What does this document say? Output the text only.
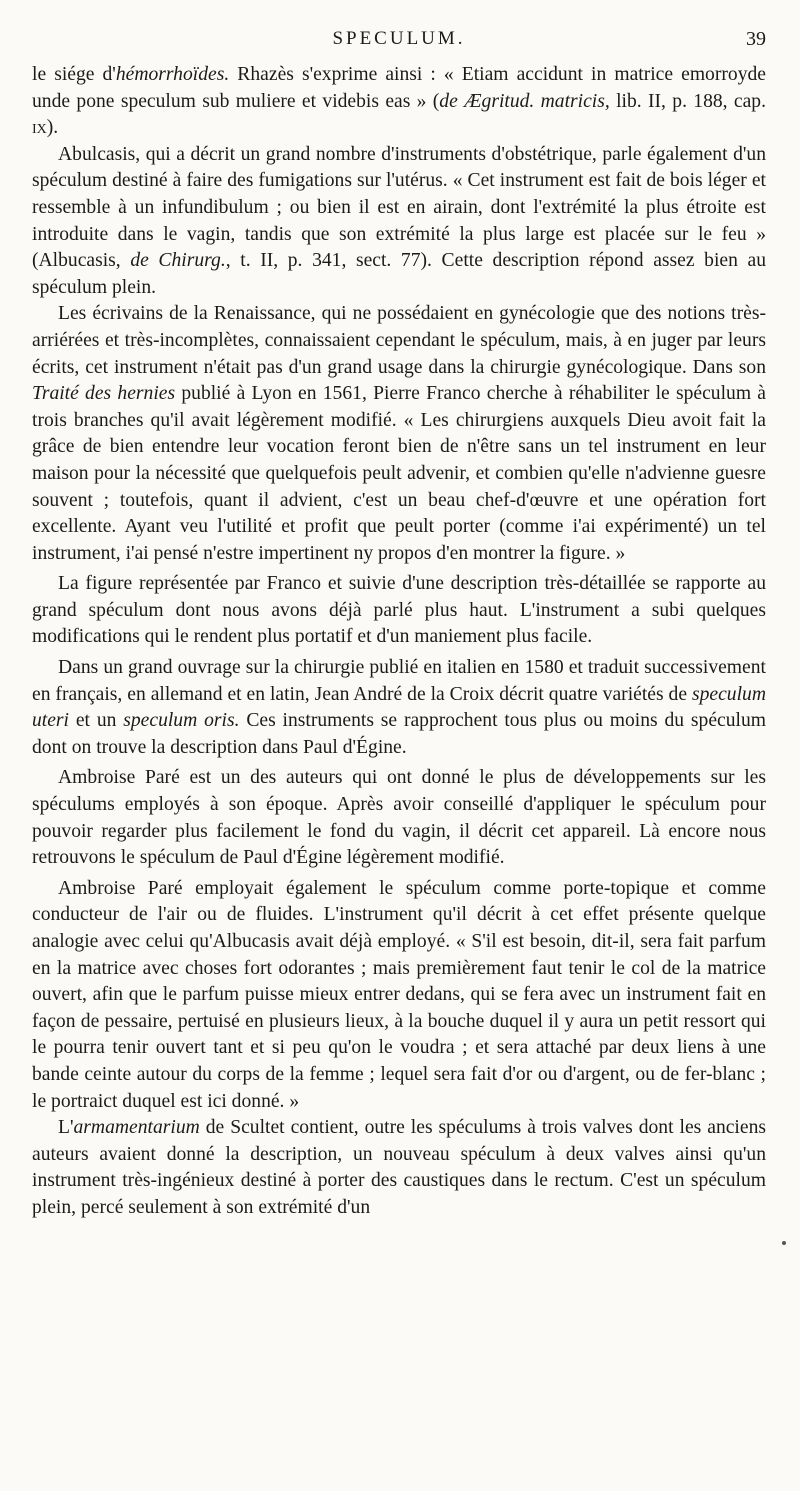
SPECULUM.	39

le siége d'hémorrhoïdes. Rhazès s'exprime ainsi : « Etiam accidunt in matrice emorroyde unde pone speculum sub muliere et videbis eas » (de Ægritud. matricis, lib. II, p. 188, cap. ix).

Abulcasis, qui a décrit un grand nombre d'instruments d'obstétrique, parle également d'un spéculum destiné à faire des fumigations sur l'utérus. « Cet instrument est fait de bois léger et ressemble à un infundibulum ; ou bien il est en airain, dont l'extrémité la plus étroite est introduite dans le vagin, tandis que son extrémité la plus large est placée sur le feu » (Albucasis, de Chirurg., t. II, p. 341, sect. 77). Cette description répond assez bien au spéculum plein.

Les écrivains de la Renaissance, qui ne possédaient en gynécologie que des notions très-arriérées et très-incomplètes, connaissaient cependant le spéculum, mais, à en juger par leurs écrits, cet instrument n'était pas d'un grand usage dans la chirurgie gynécologique. Dans son Traité des hernies publié à Lyon en 1561, Pierre Franco cherche à réhabiliter le spéculum à trois branches qu'il avait légèrement modifié. « Les chirurgiens auxquels Dieu avoit fait la grâce de bien entendre leur vocation feront bien de n'être sans un tel instrument en leur maison pour la nécessité que quelquefois peult advenir, et combien qu'elle n'advienne guesre souvent ; toutefois, quant il advient, c'est un beau chef-d'œuvre et une opération fort excellente. Ayant veu l'utilité et profit que peult porter (comme i'ai expérimenté) un tel instrument, i'ai pensé n'estre impertinent ny propos d'en montrer la figure. »

La figure représentée par Franco et suivie d'une description très-détaillée se rapporte au grand spéculum dont nous avons déjà parlé plus haut. L'instrument a subi quelques modifications qui le rendent plus portatif et d'un maniement plus facile.

Dans un grand ouvrage sur la chirurgie publié en italien en 1580 et traduit successivement en français, en allemand et en latin, Jean André de la Croix décrit quatre variétés de speculum uteri et un speculum oris. Ces instruments se rapprochent tous plus ou moins du spéculum dont on trouve la description dans Paul d'Égine.

Ambroise Paré est un des auteurs qui ont donné le plus de développements sur les spéculums employés à son époque. Après avoir conseillé d'appliquer le spéculum pour pouvoir regarder plus facilement le fond du vagin, il décrit cet appareil. Là encore nous retrouvons le spéculum de Paul d'Égine légèrement modifié.

Ambroise Paré employait également le spéculum comme porte-topique et comme conducteur de l'air ou de fluides. L'instrument qu'il décrit à cet effet présente quelque analogie avec celui qu'Albucasis avait déjà employé. « S'il est besoin, dit-il, sera fait parfum en la matrice avec choses fort odorantes ; mais premièrement faut tenir le col de la matrice ouvert, afin que le parfum puisse mieux entrer dedans, qui se fera avec un instrument fait en façon de pessaire, pertuisé en plusieurs lieux, à la bouche duquel il y aura un petit ressort qui le pourra tenir ouvert tant et si peu qu'on le voudra ; et sera attaché par deux liens à une bande ceinte autour du corps de la femme ; lequel sera fait d'or ou d'argent, ou de fer-blanc ; le portraict duquel est ici donné. »

L'armamentarium de Scultet contient, outre les spéculums à trois valves dont les anciens auteurs avaient donné la description, un nouveau spéculum à deux valves ainsi qu'un instrument très-ingénieux destiné à porter des caustiques dans le rectum. C'est un spéculum plein, percé seulement à son extrémité d'un
